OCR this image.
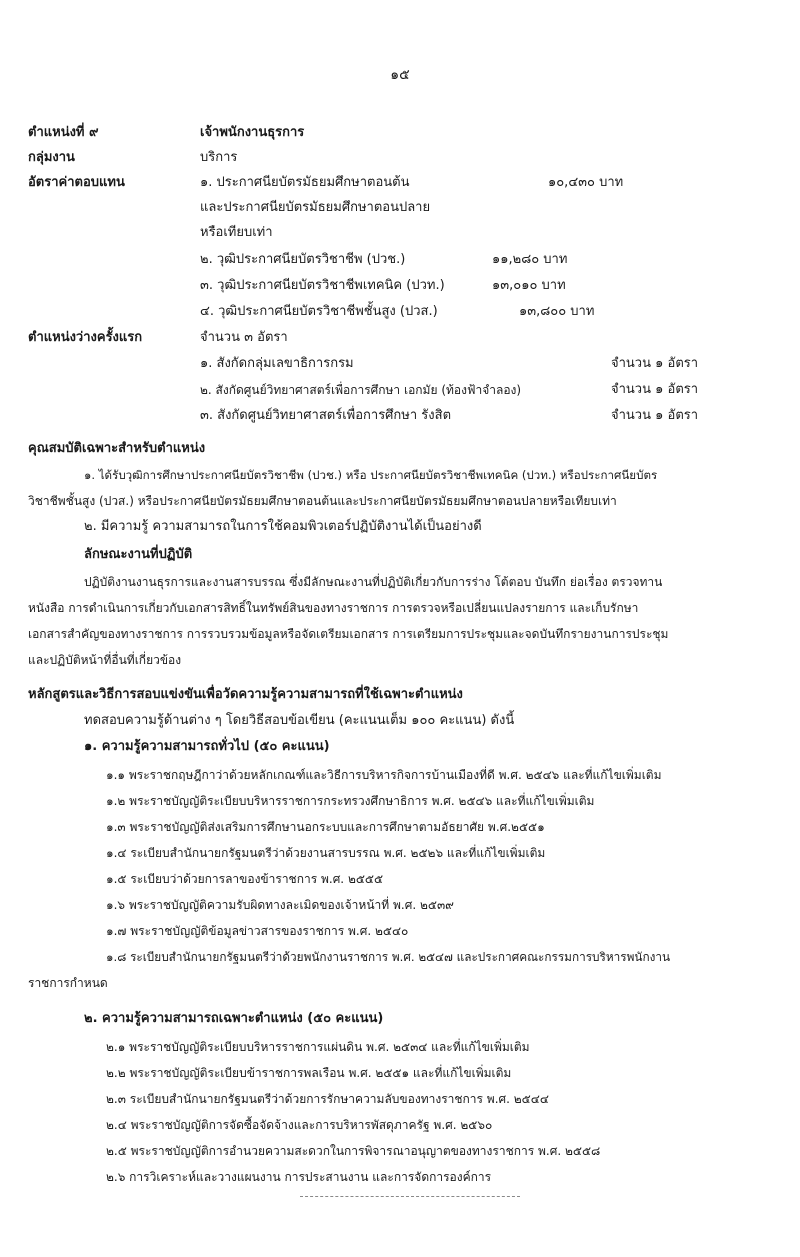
๑๕
ตำแหน่งที่ ๙	เจ้าพนักงานธุรการ
กลุ่มงาน	บริการ
อัตราค่าตอบแทน	๑. ประกาศนียบัตรมัธยมศึกษาตอนต้น	๑๐,๔๓๐ บาท
และประกาศนียบัตรมัธยมศึกษาตอนปลาย
หรือเทียบเท่า
๒. วุฒิประกาศนียบัตรวิชาชีพ (ปวช.)	๑๑,๒๘๐ บาท
๓. วุฒิประกาศนียบัตรวิชาชีพเทคนิค (ปวท.)	๑๓,๐๑๐ บาท
๔. วุฒิประกาศนียบัตรวิชาชีพชั้นสูง (ปวส.)	๑๓,๘๐๐ บาท
ตำแหน่งว่างครั้งแรก	จำนวน ๓ อัตรา
๑. สังกัดกลุ่มเลขาธิการกรม	จำนวน ๑ อัตรา
๒. สังกัดศูนย์วิทยาศาสตร์เพื่อการศึกษา เอกมัย (ท้องฟ้าจำลอง)	จำนวน ๑ อัตรา
๓. สังกัดศูนย์วิทยาศาสตร์เพื่อการศึกษา รังสิต	จำนวน ๑ อัตรา
คุณสมบัติเฉพาะสำหรับตำแหน่ง
๑. ได้รับวุฒิการศึกษาประกาศนียบัตรวิชาชีพ (ปวช.) หรือ ประกาศนียบัตรวิชาชีพเทคนิค (ปวท.) หรือประกาศนียบัตร
วิชาชีพชั้นสูง (ปวส.) หรือประกาศนียบัตรมัธยมศึกษาตอนต้นและประกาศนียบัตรมัธยมศึกษาตอนปลายหรือเทียบเท่า
๒. มีความรู้ ความสามารถในการใช้คอมพิวเตอร์ปฏิบัติงานได้เป็นอย่างดี
ลักษณะงานที่ปฏิบัติ
ปฏิบัติงานงานธุรการและงานสารบรรณ ซึ่งมีลักษณะงานที่ปฏิบัติเกี่ยวกับการร่าง โต้ตอบ บันทึก ย่อเรื่อง ตรวจทาน
หนังสือ การดำเนินการเกี่ยวกับเอกสารสิทธิ์ในทรัพย์สินของทางราชการ การตรวจหรือเปลี่ยนแปลงรายการ และเก็บรักษา
เอกสารสำคัญของทางราชการ การรวบรวมข้อมูลหรือจัดเตรียมเอกสาร การเตรียมการประชุมและจดบันทึกรายงานการประชุม
และปฏิบัติหน้าที่อื่นที่เกี่ยวข้อง
หลักสูตรและวิธีการสอบแข่งขันเพื่อวัดความรู้ความสามารถที่ใช้เฉพาะตำแหน่ง
ทดสอบความรู้ด้านต่าง ๆ โดยวิธีสอบข้อเขียน (คะแนนเต็ม ๑๐๐ คะแนน) ดังนี้
๑. ความรู้ความสามารถทั่วไป (๕๐ คะแนน)
๑.๑ พระราชกฤษฎีกาว่าด้วยหลักเกณฑ์และวิธีการบริหารกิจการบ้านเมืองที่ดี พ.ศ. ๒๕๔๖ และที่แก้ไขเพิ่มเติม
๑.๒ พระราชบัญญัติระเบียบบริหารราชการกระทรวงศึกษาธิการ พ.ศ. ๒๕๔๖ และที่แก้ไขเพิ่มเติม
๑.๓ พระราชบัญญัติส่งเสริมการศึกษานอกระบบและการศึกษาตามอัธยาศัย พ.ศ.๒๕๕๑
๑.๔ ระเบียบสำนักนายกรัฐมนตรีว่าด้วยงานสารบรรณ พ.ศ. ๒๕๒๖ และที่แก้ไขเพิ่มเติม
๑.๕ ระเบียบว่าด้วยการลาของข้าราชการ พ.ศ. ๒๕๕๕
๑.๖ พระราชบัญญัติความรับผิดทางละเมิดของเจ้าหน้าที่ พ.ศ. ๒๕๓๙
๑.๗ พระราชบัญญัติข้อมูลข่าวสารของราชการ พ.ศ. ๒๕๔๐
๑.๘ ระเบียบสำนักนายกรัฐมนตรีว่าด้วยพนักงานราชการ พ.ศ. ๒๕๔๗ และประกาศคณะกรรมการบริหารพนักงาน
ราชการกำหนด
๒. ความรู้ความสามารถเฉพาะตำแหน่ง (๕๐ คะแนน)
๒.๑ พระราชบัญญัติระเบียบบริหารราชการแผ่นดิน พ.ศ. ๒๕๓๔ และที่แก้ไขเพิ่มเติม
๒.๒ พระราชบัญญัติระเบียบข้าราชการพลเรือน พ.ศ. ๒๕๕๑ และที่แก้ไขเพิ่มเติม
๒.๓ ระเบียบสำนักนายกรัฐมนตรีว่าด้วยการรักษาความลับของทางราชการ พ.ศ. ๒๕๔๔
๒.๔ พระราชบัญญัติการจัดซื้อจัดจ้างและการบริหารพัสดุภาครัฐ พ.ศ. ๒๕๖๐
๒.๕ พระราชบัญญัติการอำนวยความสะดวกในการพิจารณาอนุญาตของทางราชการ พ.ศ. ๒๕๕๘
๒.๖ การวิเคราะห์และวางแผนงาน การประสานงาน และการจัดการองค์การ
